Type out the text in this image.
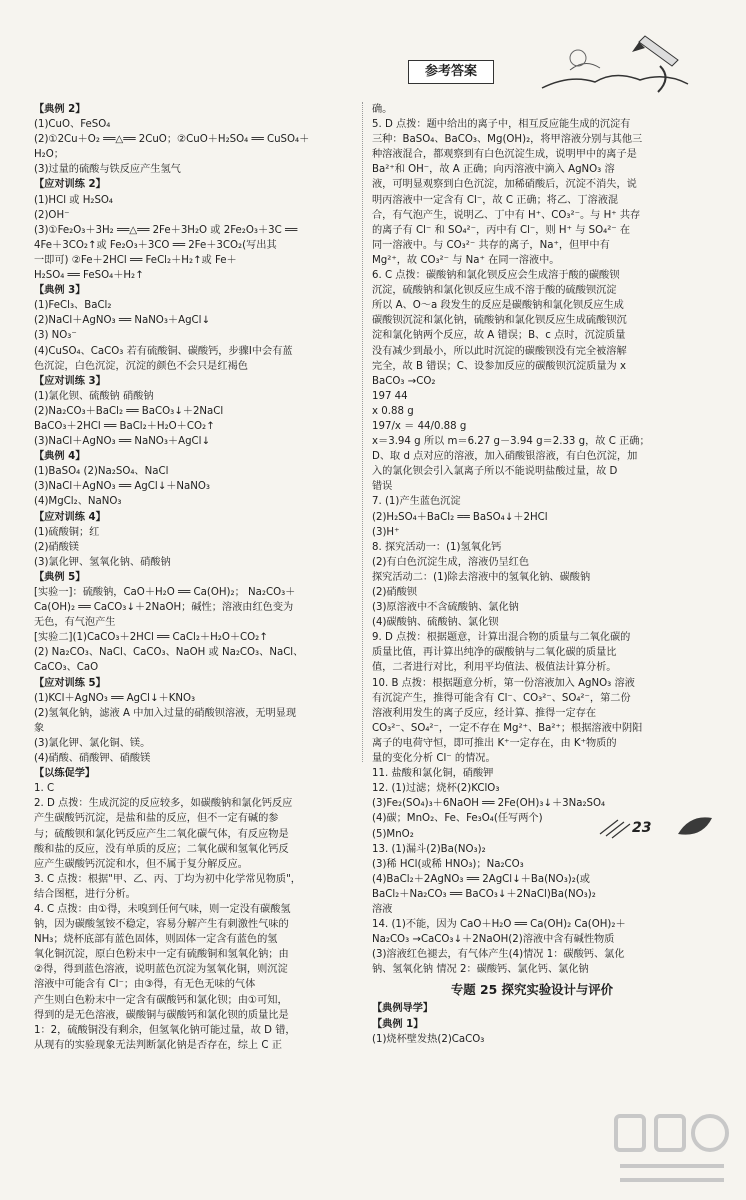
参考答案
【典例 2】
(1)CuO、FeSO₄
(2)①2Cu＋O₂ ══△══ 2CuO；②CuO＋H₂SO₄ ══ CuSO₄＋
H₂O；
(3)过量的硫酸与铁反应产生氢气
【应对训练 2】
(1)HCl 或 H₂SO₄
(2)OH⁻
(3)①Fe₂O₃＋3H₂ ══△══ 2Fe＋3H₂O 或 2Fe₂O₃＋3C ══
4Fe＋3CO₂↑或 Fe₂O₃＋3CO ══ 2Fe＋3CO₂(写出其
一即可) ②Fe＋2HCl ══ FeCl₂＋H₂↑或 Fe＋
H₂SO₄ ══ FeSO₄＋H₂↑
【典例 3】
(1)FeCl₃、BaCl₂
(2)NaCl＋AgNO₃ ══ NaNO₃＋AgCl↓
(3) NO₃⁻
(4)CuSO₄、CaCO₃ 若有硫酸铜、碳酸钙，步骤Ⅰ中会有蓝
色沉淀，白色沉淀，沉淀的颜色不会只是红褐色
【应对训练 3】
(1)氯化钡、硫酸钠 硝酸钠
(2)Na₂CO₃＋BaCl₂ ══ BaCO₃↓＋2NaCl
BaCO₃＋2HCl ══ BaCl₂＋H₂O＋CO₂↑
(3)NaCl＋AgNO₃ ══ NaNO₃＋AgCl↓
【典例 4】
(1)BaSO₄ (2)Na₂SO₄、NaCl
(3)NaCl＋AgNO₃ ══ AgCl↓＋NaNO₃
(4)MgCl₂、NaNO₃
【应对训练 4】
(1)硫酸铜；红
(2)硝酸镁
(3)氯化钾、氢氧化钠、硝酸钠
【典例 5】
[实验一]：硫酸钠，CaO＋H₂O ══ Ca(OH)₂； Na₂CO₃＋
Ca(OH)₂ ══ CaCO₃↓＋2NaOH；碱性；溶液由红色变为
无色，有气泡产生
[实验二](1)CaCO₃＋2HCl ══ CaCl₂＋H₂O＋CO₂↑
(2) Na₂CO₃、NaCl、CaCO₃、NaOH 或 Na₂CO₃、NaCl、
CaCO₃、CaO
【应对训练 5】
(1)KCl＋AgNO₃ ══ AgCl↓＋KNO₃
(2)氢氧化钠，滤液 A 中加入过量的硝酸钡溶液，无明显现
象
(3)氯化钾、氯化铜、镁。
(4)硝酸、硝酸钾、硝酸镁
【以练促学】
1. C
2. D 点拨：生成沉淀的反应较多，如碳酸钠和氯化钙反应
产生碳酸钙沉淀，是盐和盐的反应，但不一定有碱的参
与；硫酸钡和氯化钙反应产生二氧化碳气体，有反应物是
酸和盐的反应，没有单质的反应；二氧化碳和氢氧化钙反
应产生碳酸钙沉淀和水，但不属于复分解反应。
3. C 点拨：根据"甲、乙、丙、丁均为初中化学常见物质"，
结合图框，进行分析。
4. C 点拨：由①得，未嗅到任何气味，则一定没有碳酸氢
钠，因为碳酸氢铵不稳定，容易分解产生有刺激性气味的
NH₃；烧杯底部有蓝色固体，则固体一定含有蓝色的氢
氧化铜沉淀，原白色粉末中一定有硫酸铜和氢氧化钠；由
②得，得到蓝色溶液，说明蓝色沉淀为氢氧化铜，则沉淀
溶液中可能含有 Cl⁻；由③得，有无色无味的气体
产生则白色粉末中一定含有碳酸钙和氯化钡；由①可知，
得到的是无色溶液，碳酸铜与碳酸钙和氯化钡的质量比是
1：2，硫酸铜没有剩余，但氢氧化钠可能过量，故 D 错，
从现有的实验现象无法判断氯化钠是否存在，综上 C 正
确。
5. D 点拨：题中给出的离子中，相互反应能生成的沉淀有
三种：BaSO₄、BaCO₃、Mg(OH)₂，将甲溶液分别与其他三
种溶液混合，都观察到有白色沉淀生成，说明甲中的离子是
Ba²⁺和 OH⁻，故 A 正确；向丙溶液中滴入 AgNO₃ 溶
液，可明显观察到白色沉淀，加稀硝酸后，沉淀不消失，说
明丙溶液中一定含有 Cl⁻，故 C 正确；将乙、丁溶液混
合，有气泡产生，说明乙、丁中有 H⁺、CO₃²⁻。与 H⁺ 共存
的离子有 Cl⁻ 和 SO₄²⁻，丙中有 Cl⁻，则 H⁺ 与 SO₄²⁻ 在
同一溶液中。与 CO₃²⁻ 共存的离子，Na⁺，但甲中有
Mg²⁺，故 CO₃²⁻ 与 Na⁺ 在同一溶液中。
6. C 点拨：碳酸钠和氯化钡反应会生成溶于酸的碳酸钡
沉淀，硫酸钠和氯化钡反应生成不溶于酸的硫酸钡沉淀
所以 A、O～a 段发生的反应是碳酸钠和氯化钡反应生成
碳酸钡沉淀和氯化钠，硫酸钠和氯化钡反应生成硫酸钡沉
淀和氯化钠两个反应，故 A 错误；B、c 点时，沉淀质量
没有减少到最小，所以此时沉淀的碳酸钡没有完全被溶解
完全，故 B 错误；C、设参加反应的碳酸钡沉淀质量为 x
BaCO₃ →CO₂
197 44
x 0.88 g
197/x ＝ 44/0.88 g
x＝3.94 g 所以 m＝6.27 g－3.94 g＝2.33 g，故 C 正确；
D、取 d 点对应的溶液，加入硝酸银溶液，有白色沉淀，加
入的氯化钡会引入氯离子所以不能说明盐酸过量，故 D
错误
7. (1)产生蓝色沉淀
(2)H₂SO₄＋BaCl₂ ══ BaSO₄↓＋2HCl
(3)H⁺
8. 探究活动一：(1)氢氧化钙
(2)有白色沉淀生成，溶液仍呈红色
探究活动二：(1)除去溶液中的氢氧化钠、碳酸钠
(2)硝酸钡
(3)原溶液中不含硫酸钠、氯化钠
(4)碳酸钠、硫酸钠、氯化钡
9. D 点拨：根据题意，计算出混合物的质量与二氧化碳的
质量比值，再计算出纯净的碳酸钠与二氧化碳的质量比
值，二者进行对比，利用平均值法、极值法计算分析。
10. B 点拨：根据题意分析，第一份溶液加入 AgNO₃ 溶液
有沉淀产生，推得可能含有 Cl⁻、CO₃²⁻、SO₄²⁻，第二份
溶液利用发生的离子反应，经计算、推得一定存在
CO₃²⁻、SO₄²⁻，一定不存在 Mg²⁺、Ba²⁺；根据溶液中阴阳
离子的电荷守恒，即可推出 K⁺一定存在，由 K⁺物质的
量的变化分析 Cl⁻ 的情况。
11. 盐酸和氯化铜，硝酸钾
12. (1)过滤；烧杯(2)KClO₃
(3)Fe₂(SO₄)₃＋6NaOH ══ 2Fe(OH)₃↓＋3Na₂SO₄
(4)碳；MnO₂、Fe、Fe₃O₄(任写两个)
(5)MnO₂
13. (1)漏斗(2)Ba(NO₃)₂
(3)稀 HCl(或稀 HNO₃)；Na₂CO₃
(4)BaCl₂＋2AgNO₃ ══ 2AgCl↓＋Ba(NO₃)₂(或
BaCl₂＋Na₂CO₃ ══ BaCO₃↓＋2NaCl)Ba(NO₃)₂
溶液
14. (1)不能，因为 CaO＋H₂O ══ Ca(OH)₂ Ca(OH)₂＋
Na₂CO₃ →CaCO₃↓＋2NaOH(2)溶液中含有碱性物质
(3)溶液红色褪去，有气体产生(4)情况 1：碳酸钙、氯化
钠、氢氧化钠 情况 2：碳酸钙、氯化钙、氯化钠
专题 25 探究实验设计与评价
【典例导学】
【典例 1】
(1)烧杯壁发热(2)CaCO₃
23
